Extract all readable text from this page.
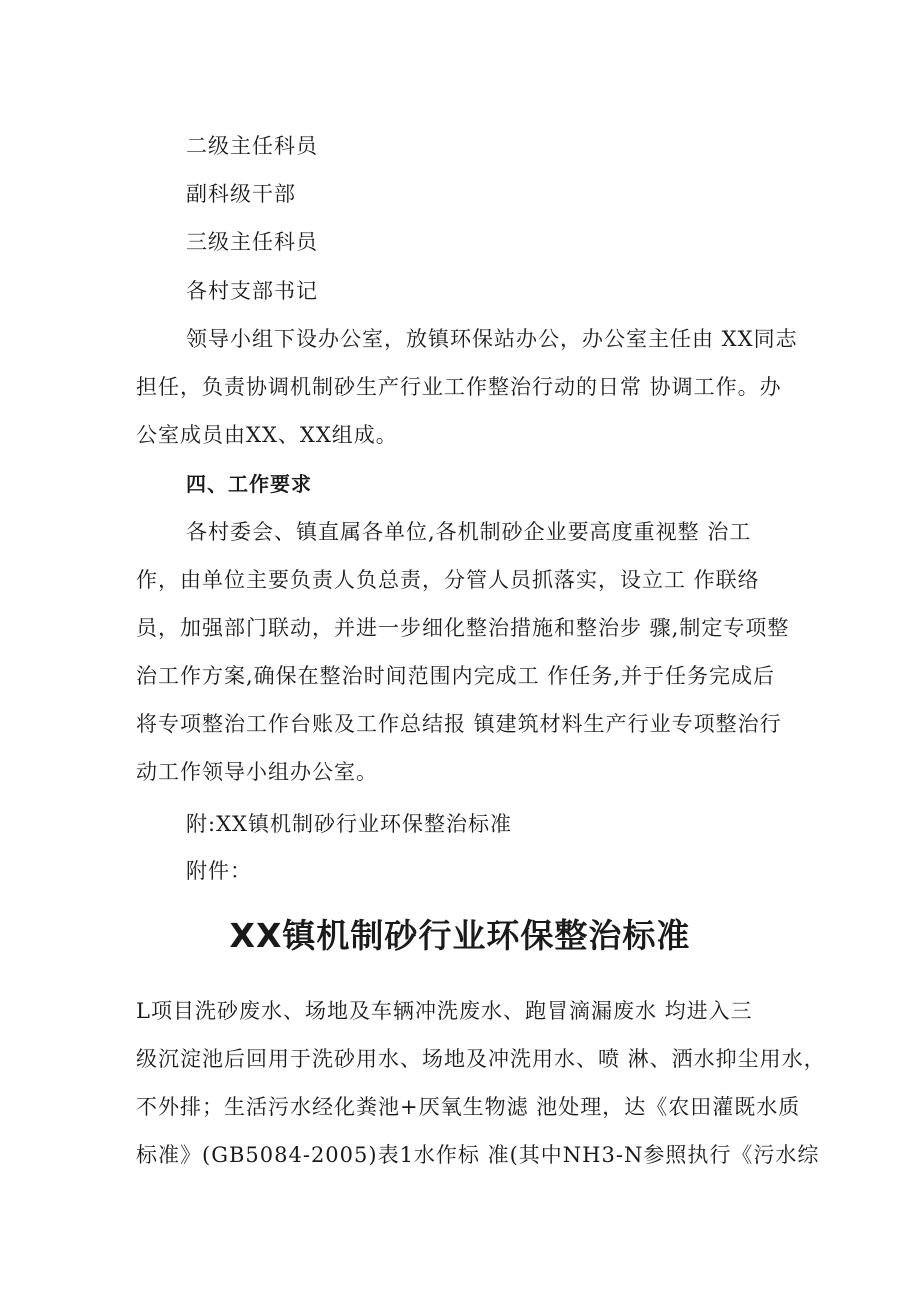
二级主任科员
副科级干部
三级主任科员
各村支部书记
领导小组下设办公室，放镇环保站办公，办公室主任由 XX同志
担任，负责协调机制砂生产行业工作整治行动的日常 协调工作。办
公室成员由XX、XX组成。
四、工作要求
各村委会、镇直属各单位,各机制砂企业要高度重视整 治工
作，由单位主要负责人负总责，分管人员抓落实，设立工 作联络
员，加强部门联动，并进一步细化整治措施和整治步 骤,制定专项整
治工作方案,确保在整治时间范围内完成工 作任务,并于任务完成后
将专项整治工作台账及工作总结报 镇建筑材料生产行业专项整治行
动工作领导小组办公室。
附:XX镇机制砂行业环保整治标准
附件：
XX镇机制砂行业环保整治标准
L项目洗砂废水、场地及车辆冲洗废水、跑冒滴漏废水 均进入三
级沉淀池后回用于洗砂用水、场地及冲洗用水、喷 淋、洒水抑尘用水，
不外排；生活污水经化粪池+厌氧生物滤 池处理，达《农田灌既水质
标准》(GB5084-2005)表1水作标 准(其中NH3-N参照执行《污水综
